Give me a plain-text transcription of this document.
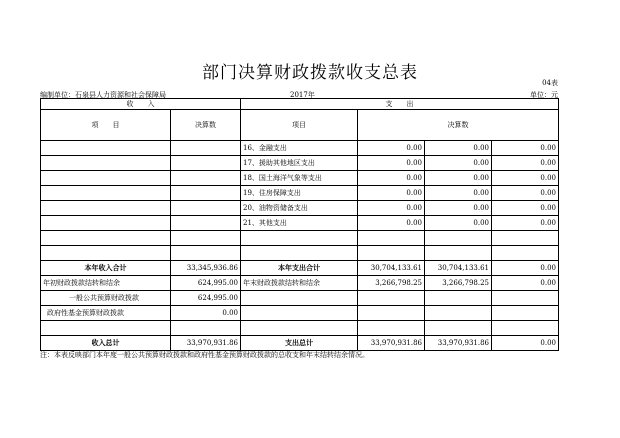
部门决算财政拨款收支总表	04表
编制单位：石泉县人力资源和社会保障局	2017年	单位：元
收　　入		支　　出			
项　　目	决算数	项目	决算数		
		16、金融支出	0.00	0.00	0.00
		17、援助其他地区支出	0.00	0.00	0.00
		18、国土海洋气象等支出	0.00	0.00	0.00
		19、住房保障支出	0.00	0.00	0.00
		20、油物资储备支出	0.00	0.00	0.00
		21、其他支出	0.00	0.00	0.00

本年收入合计	33,345,936.86	本年支出合计	30,704,133.61	30,704,133.61	0.00
年初财政拨款结转和结余	624,995.00	年末财政拨款结转和结余	3,266,798.25	3,266,798.25	0.00
一般公共预算财政拨款	624,995.00				
政府性基金预算财政拨款	0.00				

收入总计	33,970,931.86	支出总计	33,970,931.86	33,970,931.86	0.00
注：本表反映部门本年度一般公共预算财政拨款和政府性基金预算财政拨款的总收支和年末结转结余情况。
